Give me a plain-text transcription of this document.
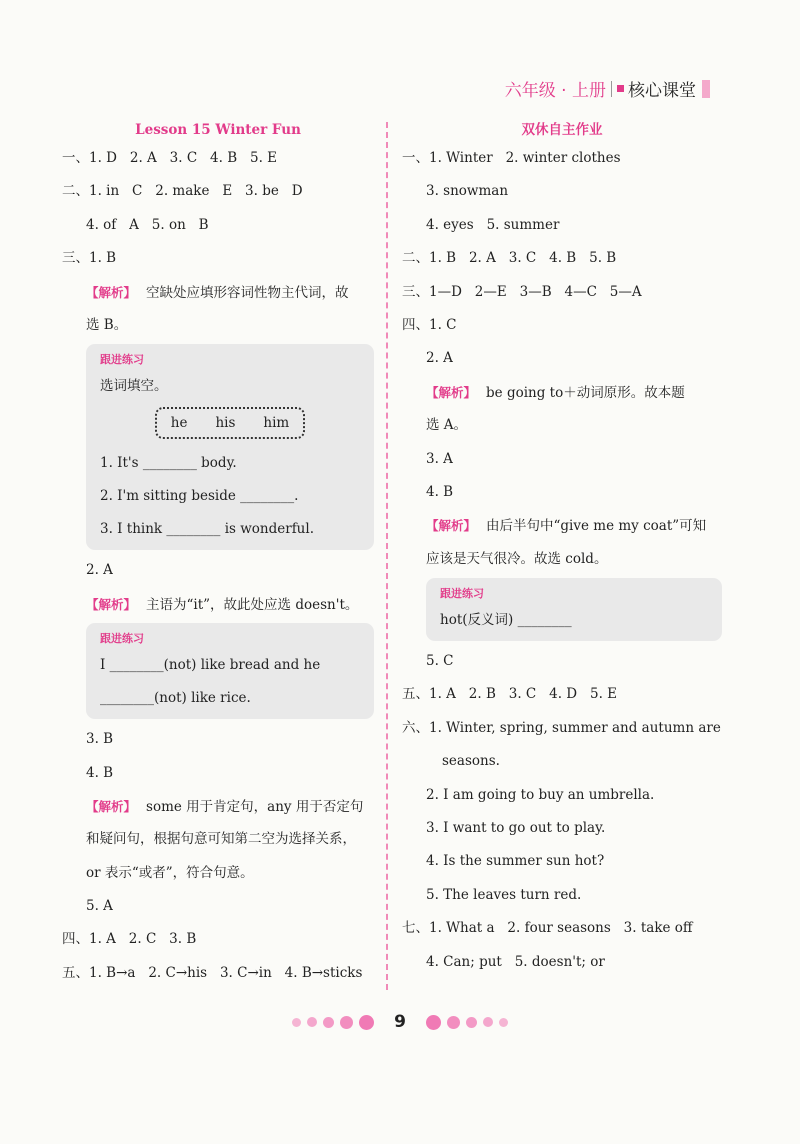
六年级 · 上册 核心课堂
Lesson 15 Winter Fun
一、1. D   2. A   3. C   4. B   5. E
二、1. in   C   2. make   E   3. be   D
4. of   A   5. on   B
三、1. B
【解析】 空缺处应填形容词性物主代词，故
选 B。
跟进练习
选词填空。
he his him
1. It's ________ body.
2. I'm sitting beside ________.
3. I think ________ is wonderful.
2. A
【解析】 主语为“it”，故此处应选 doesn't。
跟进练习
I ________(not) like bread and he
________(not) like rice.
3. B
4. B
【解析】 some 用于肯定句，any 用于否定句
和疑问句，根据句意可知第二空为选择关系，
or 表示“或者”，符合句意。
5. A
四、1. A   2. C   3. B
五、1. B→a   2. C→his   3. C→in   4. B→sticks
双休自主作业
一、1. Winter   2. winter clothes
3. snowman
4. eyes   5. summer
二、1. B   2. A   3. C   4. B   5. B
三、1—D   2—E   3—B   4—C   5—A
四、1. C
2. A
【解析】 be going to＋动词原形。故本题
选 A。
3. A
4. B
【解析】 由后半句中“give me my coat”可知
应该是天气很冷。故选 cold。
跟进练习
hot(反义词) ________
5. C
五、1. A   2. B   3. C   4. D   5. E
六、1. Winter, spring, summer and autumn are
seasons.
2. I am going to buy an umbrella.
3. I want to go out to play.
4. Is the summer sun hot?
5. The leaves turn red.
七、1. What a   2. four seasons   3. take off
4. Can; put   5. doesn't; or
9
